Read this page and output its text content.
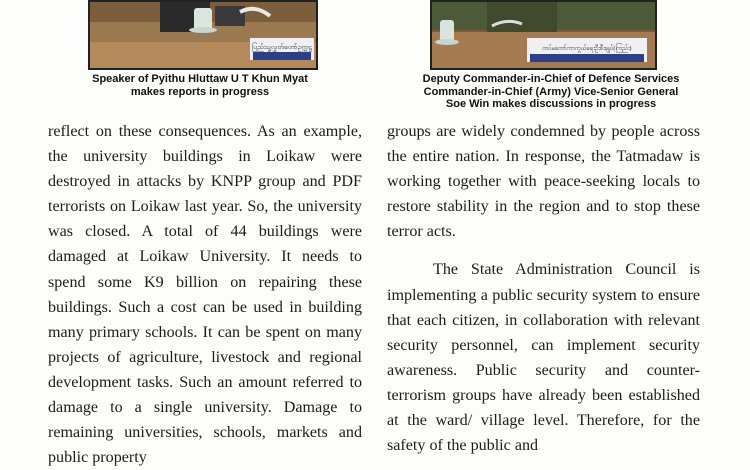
ပြည်သူ့လွှတ်တော်ဥက္ကဋ္ဌ	တပ်မတော်ကာကွယ်ရေးဦးစီးချုပ်(ကြည်း)
Speaker of Pyithu Hluttaw U T Khun Myat
makes reports in progress
Deputy Commander-in-Chief of Defence Services
Commander-in-Chief (Army) Vice-Senior General
Soe Win makes discussions in progress

reflect on these consequences. As an example, the university buildings in Loikaw were destroyed in attacks by KNPP group and PDF terrorists on Loikaw last year. So, the university was closed. A total of 44 buildings were damaged at Loikaw University. It needs to spend some K9 billion on repairing these buildings. Such a cost can be used in building many primary schools. It can be spent on many projects of agriculture, livestock and regional development tasks. Such an amount referred to damage to a single university. Damage to remaining universities, schools, markets and public property

groups are widely condemned by people across the entire nation. In response, the Tatmadaw is working together with peace-seeking locals to restore stability in the region and to stop these terror acts.

The State Administration Council is implementing a public security system to ensure that each citizen, in collaboration with relevant security personnel, can implement security awareness. Public security and counter-terrorism groups have already been established at the ward/ village level. Therefore, for the safety of the public and
